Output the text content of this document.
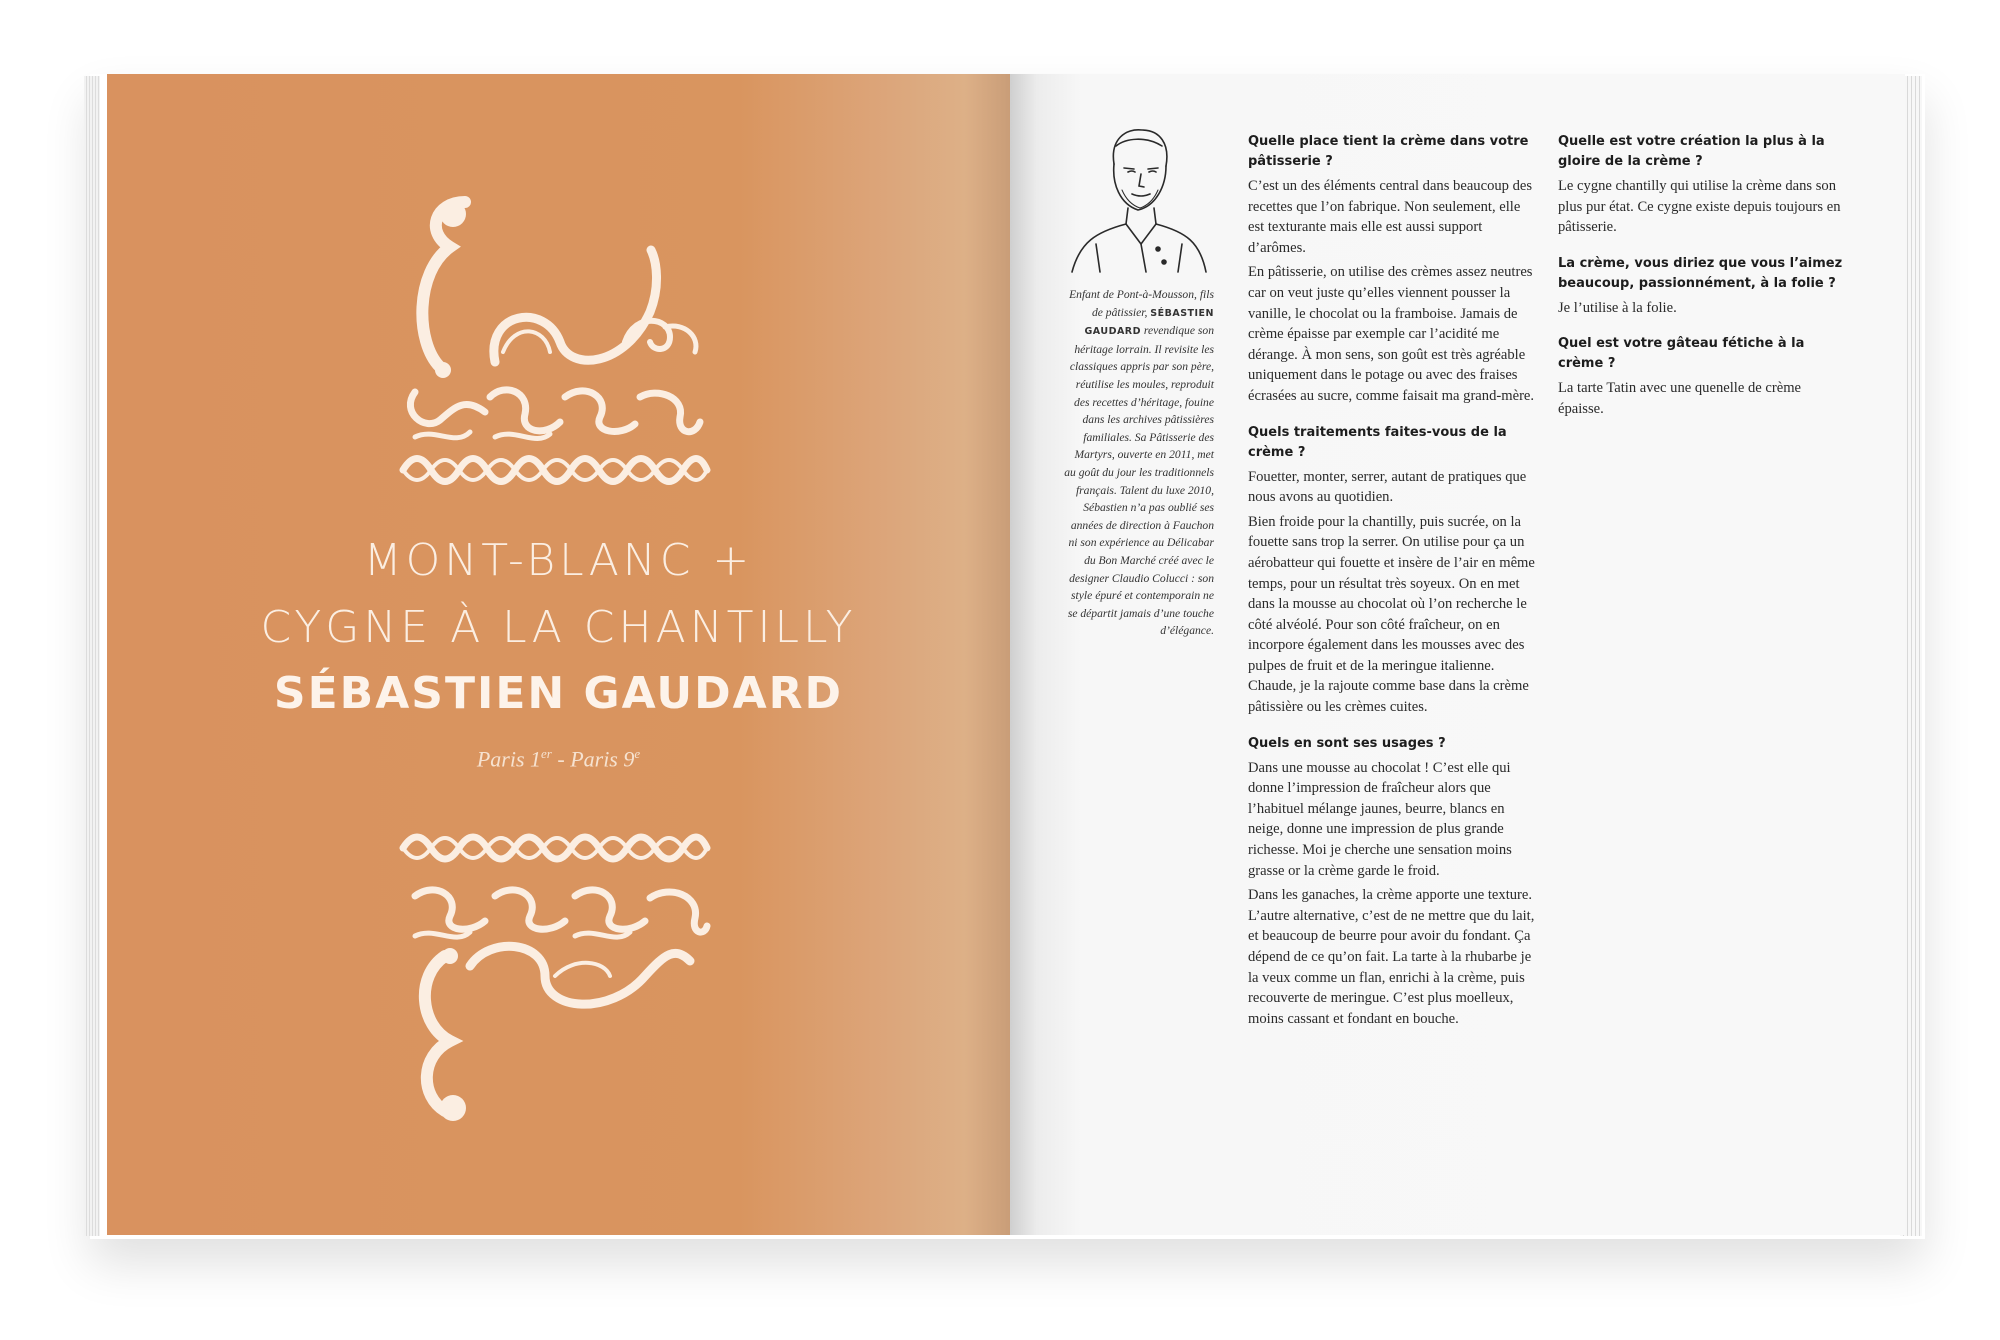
MONT-BLANC +
CYGNE À LA CHANTILLY
SÉBASTIEN GAUDARD
Paris 1er - Paris 9e
Enfant de Pont-à-Mousson, fils de pâtissier, SÉBASTIEN GAUDARD revendique son héritage lorrain. Il revisite les classiques appris par son père, réutilise les moules, reproduit des recettes d’héritage, fouine dans les archives pâtissières familiales. Sa Pâtisserie des Martyrs, ouverte en 2011, met au goût du jour les traditionnels français. Talent du luxe 2010, Sébastien n’a pas oublié ses années de direction à Fauchon ni son expérience au Délicabar du Bon Marché créé avec le designer Claudio Colucci : son style épuré et contemporain ne se départit jamais d’une touche d’élégance.
Quelle place tient la crème dans votre pâtisserie ?
C’est un des éléments central dans beaucoup des recettes que l’on fabrique. Non seulement, elle est texturante mais elle est aussi support d’arômes.
En pâtisserie, on utilise des crèmes assez neutres car on veut juste qu’elles viennent pousser la vanille, le chocolat ou la framboise. Jamais de crème épaisse par exemple car l’acidité me dérange. À mon sens, son goût est très agréable uniquement dans le potage ou avec des fraises écrasées au sucre, comme faisait ma grand-mère.
Quels traitements faites-vous de la crème ?
Fouetter, monter, serrer, autant de pratiques que nous avons au quotidien.
Bien froide pour la chantilly, puis sucrée, on la fouette sans trop la serrer. On utilise pour ça un aérobatteur qui fouette et insère de l’air en même temps, pour un résultat très soyeux. On en met dans la mousse au chocolat où l’on recherche le côté alvéolé. Pour son côté fraîcheur, on en incorpore également dans les mousses avec des pulpes de fruit et de la meringue italienne. Chaude, je la rajoute comme base dans la crème pâtissière ou les crèmes cuites.
Quels en sont ses usages ?
Dans une mousse au chocolat ! C’est elle qui donne l’impression de fraîcheur alors que l’habituel mélange jaunes, beurre, blancs en neige, donne une impression de plus grande richesse. Moi je cherche une sensation moins grasse or la crème garde le froid.
Dans les ganaches, la crème apporte une texture. L’autre alternative, c’est de ne mettre que du lait, et beaucoup de beurre pour avoir du fondant. Ça dépend de ce qu’on fait. La tarte à la rhubarbe je la veux comme un flan, enrichi à la crème, puis recouverte de meringue. C’est plus moelleux, moins cassant et fondant en bouche.
Quelle est votre création la plus à la gloire de la crème ?
Le cygne chantilly qui utilise la crème dans son plus pur état. Ce cygne existe depuis toujours en pâtisserie.
La crème, vous diriez que vous l’aimez beaucoup, passionnément, à la folie ?
Je l’utilise à la folie.
Quel est votre gâteau fétiche à la crème ?
La tarte Tatin avec une quenelle de crème épaisse.
